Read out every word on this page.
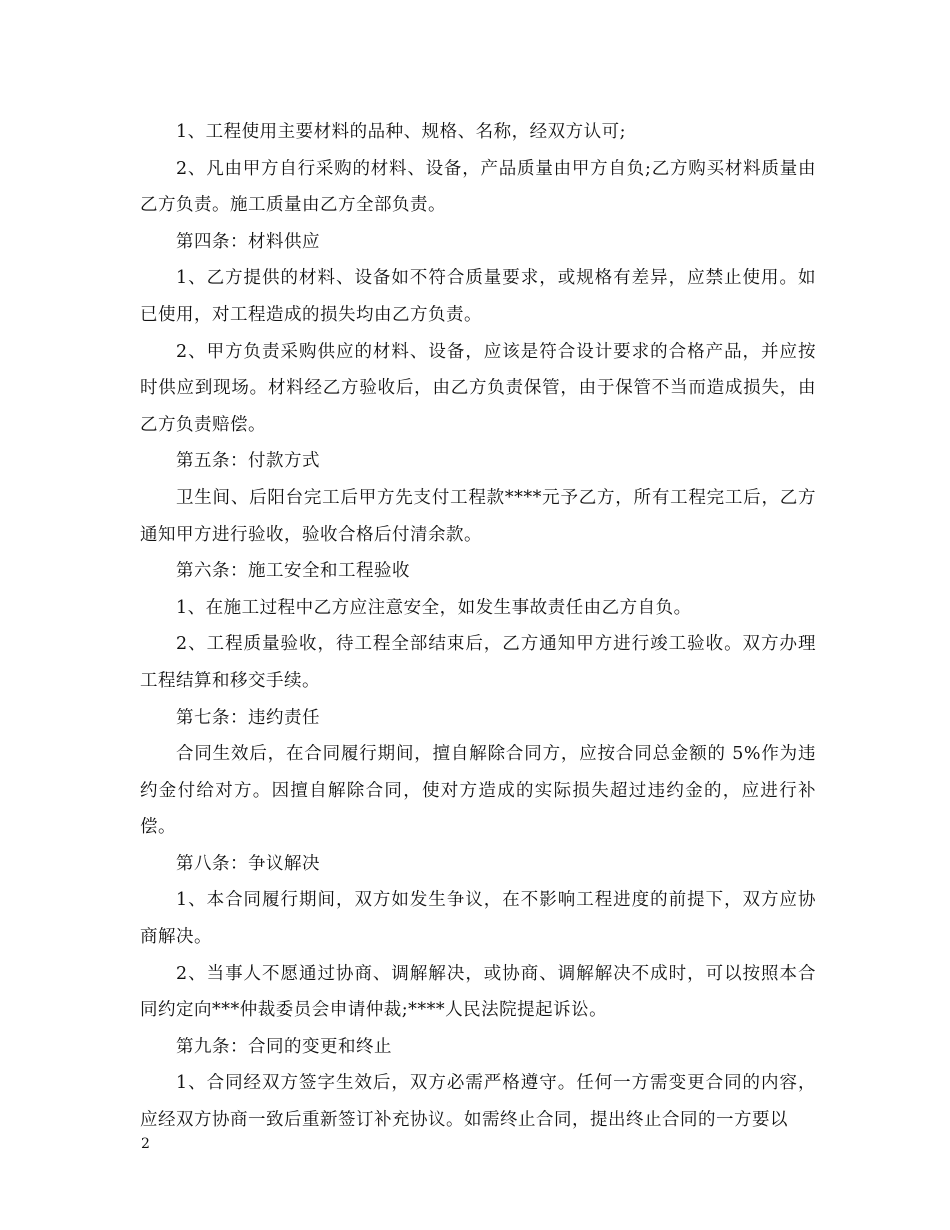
1、工程使用主要材料的品种、规格、名称，经双方认可;

2、凡由甲方自行采购的材料、设备，产品质量由甲方自负;乙方购买材料质量由乙方负责。施工质量由乙方全部负责。

第四条：材料供应

1、乙方提供的材料、设备如不符合质量要求，或规格有差异，应禁止使用。如已使用，对工程造成的损失均由乙方负责。

2、甲方负责采购供应的材料、设备，应该是符合设计要求的合格产品，并应按时供应到现场。材料经乙方验收后，由乙方负责保管，由于保管不当而造成损失，由乙方负责赔偿。

第五条：付款方式

卫生间、后阳台完工后甲方先支付工程款****元予乙方，所有工程完工后，乙方通知甲方进行验收，验收合格后付清余款。

第六条：施工安全和工程验收

1、在施工过程中乙方应注意安全，如发生事故责任由乙方自负。

2、工程质量验收，待工程全部结束后，乙方通知甲方进行竣工验收。双方办理工程结算和移交手续。

第七条：违约责任

合同生效后，在合同履行期间，擅自解除合同方，应按合同总金额的 5%作为违约金付给对方。因擅自解除合同，使对方造成的实际损失超过违约金的，应进行补偿。

第八条：争议解决

1、本合同履行期间，双方如发生争议，在不影响工程进度的前提下，双方应协商解决。

2、当事人不愿通过协商、调解解决，或协商、调解解决不成时，可以按照本合同约定向***仲裁委员会申请仲裁;****人民法院提起诉讼。

第九条：合同的变更和终止

1、合同经双方签字生效后，双方必需严格遵守。任何一方需变更合同的内容，应经双方协商一致后重新签订补充协议。如需终止合同，提出终止合同的一方要以

2
